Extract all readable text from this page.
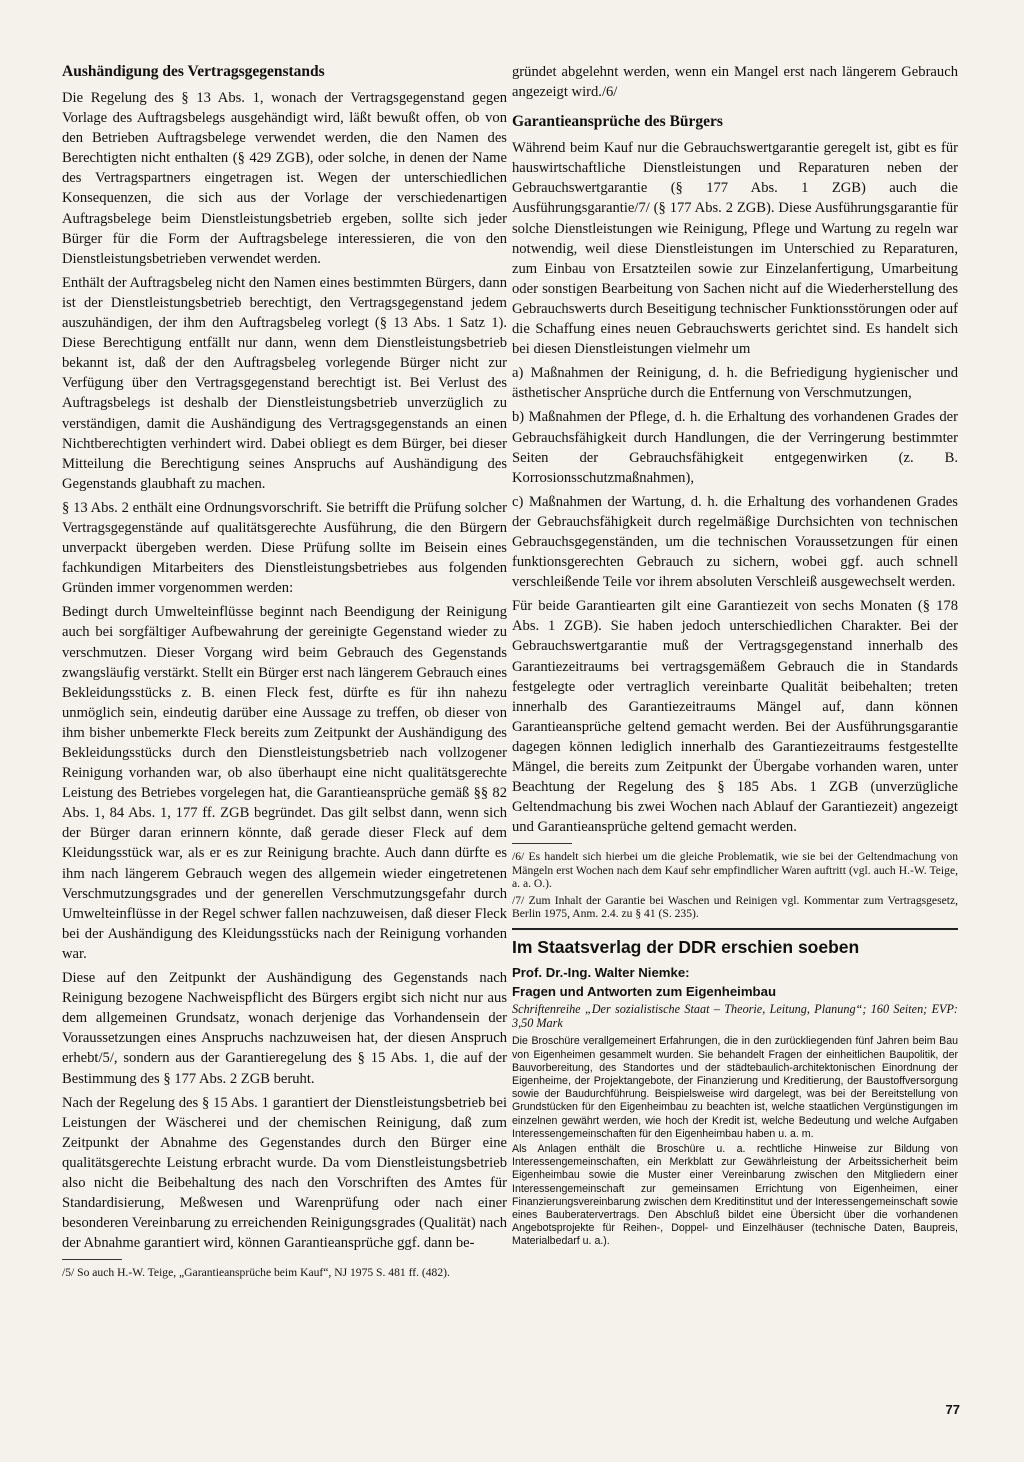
Aushändigung des Vertragsgegenstands

Die Regelung des § 13 Abs. 1, wonach der Vertragsgegenstand gegen Vorlage des Auftragsbelegs ausgehändigt wird, läßt bewußt offen, ob von den Betrieben Auftragsbelege verwendet werden, die den Namen des Berechtigten nicht enthalten (§ 429 ZGB), oder solche, in denen der Name des Vertragspartners eingetragen ist. Wegen der unterschiedlichen Konsequenzen, die sich aus der Vorlage der verschiedenartigen Auftragsbelege beim Dienstleistungsbetrieb ergeben, sollte sich jeder Bürger für die Form der Auftragsbelege interessieren, die von den Dienstleistungsbetrieben verwendet werden.

Enthält der Auftragsbeleg nicht den Namen eines bestimmten Bürgers, dann ist der Dienstleistungsbetrieb berechtigt, den Vertragsgegenstand jedem auszuhändigen, der ihm den Auftragsbeleg vorlegt (§ 13 Abs. 1 Satz 1). Diese Berechtigung entfällt nur dann, wenn dem Dienstleistungsbetrieb bekannt ist, daß der den Auftragsbeleg vorlegende Bürger nicht zur Verfügung über den Vertragsgegenstand berechtigt ist. Bei Verlust des Auftragsbelegs ist deshalb der Dienstleistungsbetrieb unverzüglich zu verständigen, damit die Aushändigung des Vertragsgegenstands an einen Nichtberechtigten verhindert wird. Dabei obliegt es dem Bürger, bei dieser Mitteilung die Berechtigung seines Anspruchs auf Aushändigung des Gegenstands glaubhaft zu machen.

§ 13 Abs. 2 enthält eine Ordnungsvorschrift. Sie betrifft die Prüfung solcher Vertragsgegenstände auf qualitätsgerechte Ausführung, die den Bürgern unverpackt übergeben werden. Diese Prüfung sollte im Beisein eines fachkundigen Mitarbeiters des Dienstleistungsbetriebes aus folgenden Gründen immer vorgenommen werden:

Bedingt durch Umwelteinflüsse beginnt nach Beendigung der Reinigung auch bei sorgfältiger Aufbewahrung der gereinigte Gegenstand wieder zu verschmutzen. Dieser Vorgang wird beim Gebrauch des Gegenstands zwangsläufig verstärkt. Stellt ein Bürger erst nach längerem Gebrauch eines Bekleidungsstücks z. B. einen Fleck fest, dürfte es für ihn nahezu unmöglich sein, eindeutig darüber eine Aussage zu treffen, ob dieser von ihm bisher unbemerkte Fleck bereits zum Zeitpunkt der Aushändigung des Bekleidungsstücks durch den Dienstleistungsbetrieb nach vollzogener Reinigung vorhanden war, ob also überhaupt eine nicht qualitätsgerechte Leistung des Betriebes vorgelegen hat, die Garantieansprüche gemäß §§ 82 Abs. 1, 84 Abs. 1, 177 ff. ZGB begründet. Das gilt selbst dann, wenn sich der Bürger daran erinnern könnte, daß gerade dieser Fleck auf dem Kleidungsstück war, als er es zur Reinigung brachte. Auch dann dürfte es ihm nach längerem Gebrauch wegen des allgemein wieder eingetretenen Verschmutzungsgrades und der generellen Verschmutzungsgefahr durch Umwelteinflüsse in der Regel schwer fallen nachzuweisen, daß dieser Fleck bei der Aushändigung des Kleidungsstücks nach der Reinigung vorhanden war.

Diese auf den Zeitpunkt der Aushändigung des Gegenstands nach Reinigung bezogene Nachweispflicht des Bürgers ergibt sich nicht nur aus dem allgemeinen Grundsatz, wonach derjenige das Vorhandensein der Voraussetzungen eines Anspruchs nachzuweisen hat, der diesen Anspruch erhebt/5/, sondern aus der Garantieregelung des § 15 Abs. 1, die auf der Bestimmung des § 177 Abs. 2 ZGB beruht.

Nach der Regelung des § 15 Abs. 1 garantiert der Dienstleistungsbetrieb bei Leistungen der Wäscherei und der chemischen Reinigung, daß zum Zeitpunkt der Abnahme des Gegenstandes durch den Bürger eine qualitätsgerechte Leistung erbracht wurde. Da vom Dienstleistungsbetrieb also nicht die Beibehaltung des nach den Vorschriften des Amtes für Standardisierung, Meßwesen und Warenprüfung oder nach einer besonderen Vereinbarung zu erreichenden Reinigungsgrades (Qualität) nach der Abnahme garantiert wird, können Garantieansprüche ggf. dann be-

/5/ So auch H.-W. Teige, „Garantieansprüche beim Kauf“, NJ 1975 S. 481 ff. (482).

gründet abgelehnt werden, wenn ein Mangel erst nach längerem Gebrauch angezeigt wird./6/

Garantieansprüche des Bürgers

Während beim Kauf nur die Gebrauchswertgarantie geregelt ist, gibt es für hauswirtschaftliche Dienstleistungen und Reparaturen neben der Gebrauchswertgarantie (§ 177 Abs. 1 ZGB) auch die Ausführungsgarantie/7/ (§ 177 Abs. 2 ZGB). Diese Ausführungsgarantie für solche Dienstleistungen wie Reinigung, Pflege und Wartung zu regeln war notwendig, weil diese Dienstleistungen im Unterschied zu Reparaturen, zum Einbau von Ersatzteilen sowie zur Einzelanfertigung, Umarbeitung oder sonstigen Bearbeitung von Sachen nicht auf die Wiederherstellung des Gebrauchswerts durch Beseitigung technischer Funktionsstörungen oder auf die Schaffung eines neuen Gebrauchswerts gerichtet sind. Es handelt sich bei diesen Dienstleistungen vielmehr um

a) Maßnahmen der Reinigung, d. h. die Befriedigung hygienischer und ästhetischer Ansprüche durch die Entfernung von Verschmutzungen,

b) Maßnahmen der Pflege, d. h. die Erhaltung des vorhandenen Grades der Gebrauchsfähigkeit durch Handlungen, die der Verringerung bestimmter Seiten der Gebrauchsfähigkeit entgegenwirken (z. B. Korrosionsschutzmaßnahmen),

c) Maßnahmen der Wartung, d. h. die Erhaltung des vorhandenen Grades der Gebrauchsfähigkeit durch regelmäßige Durchsichten von technischen Gebrauchsgegenständen, um die technischen Voraussetzungen für einen funktionsgerechten Gebrauch zu sichern, wobei ggf. auch schnell verschleißende Teile vor ihrem absoluten Verschleiß ausgewechselt werden.

Für beide Garantiearten gilt eine Garantiezeit von sechs Monaten (§ 178 Abs. 1 ZGB). Sie haben jedoch unterschiedlichen Charakter. Bei der Gebrauchswertgarantie muß der Vertragsgegenstand innerhalb des Garantiezeitraums bei vertragsgemäßem Gebrauch die in Standards festgelegte oder vertraglich vereinbarte Qualität beibehalten; treten innerhalb des Garantiezeitraums Mängel auf, dann können Garantieansprüche geltend gemacht werden. Bei der Ausführungsgarantie dagegen können lediglich innerhalb des Garantiezeitraums festgestellte Mängel, die bereits zum Zeitpunkt der Übergabe vorhanden waren, unter Beachtung der Regelung des § 185 Abs. 1 ZGB (unverzügliche Geltendmachung bis zwei Wochen nach Ablauf der Garantiezeit) angezeigt und Garantieansprüche geltend gemacht werden.

/6/ Es handelt sich hierbei um die gleiche Problematik, wie sie bei der Geltendmachung von Mängeln erst Wochen nach dem Kauf sehr empfindlicher Waren auftritt (vgl. auch H.-W. Teige, a. a. O.).

/7/ Zum Inhalt der Garantie bei Waschen und Reinigen vgl. Kommentar zum Vertragsgesetz, Berlin 1975, Anm. 2.4. zu § 41 (S. 235).

Im Staatsverlag der DDR erschien soeben
Prof. Dr.-Ing. Walter Niemke:
Fragen und Antworten zum Eigenheimbau
Schriftenreihe „Der sozialistische Staat – Theorie, Leitung, Planung“; 160 Seiten; EVP: 3,50 Mark

Die Broschüre verallgemeinert Erfahrungen, die in den zurückliegenden fünf Jahren beim Bau von Eigenheimen gesammelt wurden. Sie behandelt Fragen der einheitlichen Baupolitik, der Bauvorbereitung, des Standortes und der städtebaulich-architektonischen Einordnung der Eigenheime, der Projektangebote, der Finanzierung und Kreditierung, der Baustoffversorgung sowie der Baudurchführung. Beispielsweise wird dargelegt, was bei der Bereitstellung von Grundstücken für den Eigenheimbau zu beachten ist, welche staatlichen Vergünstigungen im einzelnen gewährt werden, wie hoch der Kredit ist, welche Bedeutung und welche Aufgaben Interessengemeinschaften für den Eigenheimbau haben u. a. m.

Als Anlagen enthält die Broschüre u. a. rechtliche Hinweise zur Bildung von Interessengemeinschaften, ein Merkblatt zur Gewährleistung der Arbeitssicherheit beim Eigenheimbau sowie die Muster einer Vereinbarung zwischen den Mitgliedern einer Interessengemeinschaft zur gemeinsamen Errichtung von Eigenheimen, einer Finanzierungsvereinbarung zwischen dem Kreditinstitut und der Interessengemeinschaft sowie eines Bauberatervertrags. Den Abschluß bildet eine Übersicht über die vorhandenen Angebotsprojekte für Reihen-, Doppel- und Einzelhäuser (technische Daten, Baupreis, Materialbedarf u. a.).

77
